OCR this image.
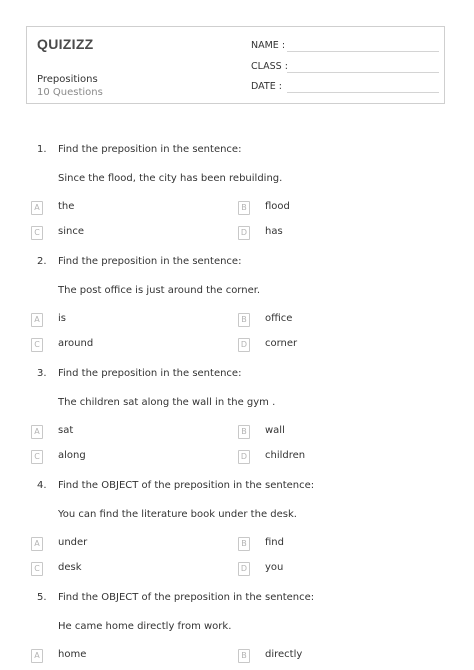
QUIZIZZ
Prepositions
10 Questions
NAME :
CLASS :
DATE :
1. Find the preposition in the sentence:
Since the flood, the city has been rebuilding.
A	the	B	flood
C	since	D has
2. Find the preposition in the sentence:
The post office is just around the corner.
A	is	B	office
C	around	D corner
3. Find the preposition in the sentence:
The children sat along the wall in the gym .
A	sat	B	wall
C	along	D children
4. Find the OBJECT of the preposition in the sentence:
You can find the literature book under the desk.
A	under	B	find
C	desk	D you
5. Find the OBJECT of the preposition in the sentence:
He came home directly from work.
A	home	B	directly
